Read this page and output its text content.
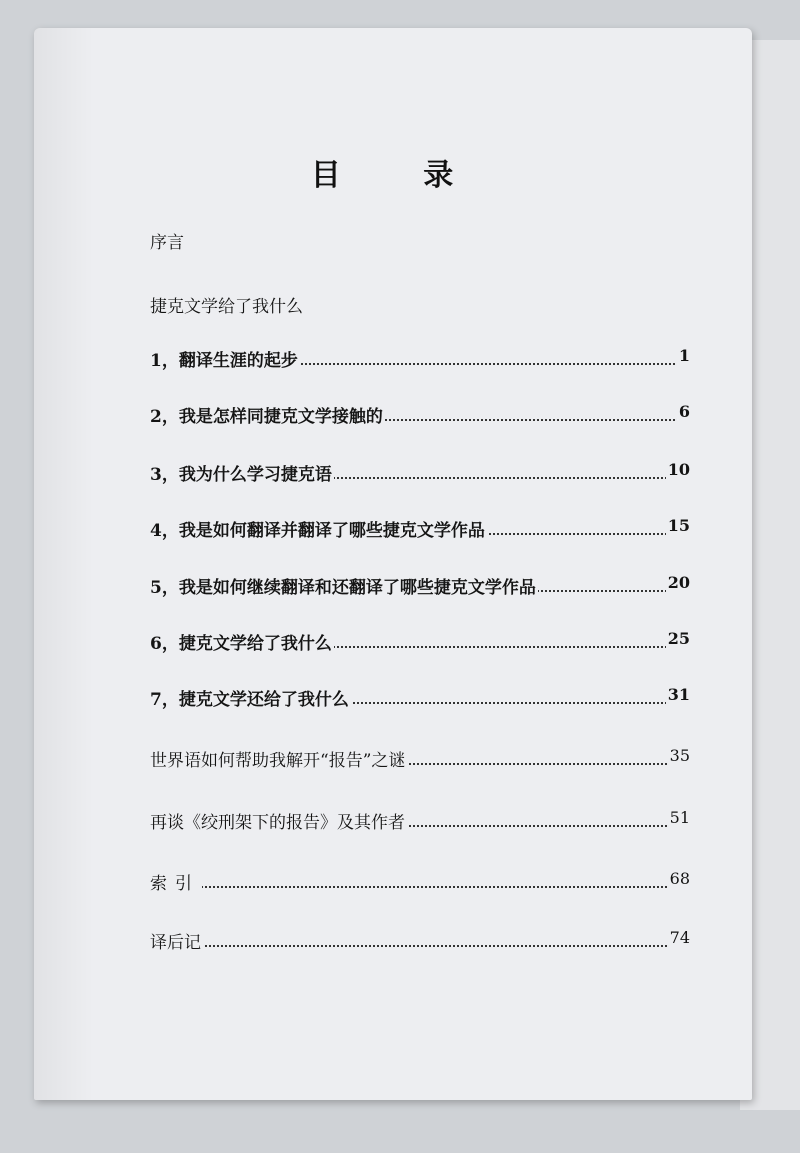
目 录
序言
捷克文学给了我什么
1，翻译生涯的起步	1
2，我是怎样同捷克文学接触的	6
3，我为什么学习捷克语	10
4，我是如何翻译并翻译了哪些捷克文学作品	15
5，我是如何继续翻译和还翻译了哪些捷克文学作品	20
6，捷克文学给了我什么	25
7，捷克文学还给了我什么	31
世界语如何帮助我解开“报告”之谜	35
再谈《绞刑架下的报告》及其作者	51
索引	68
译后记	74
